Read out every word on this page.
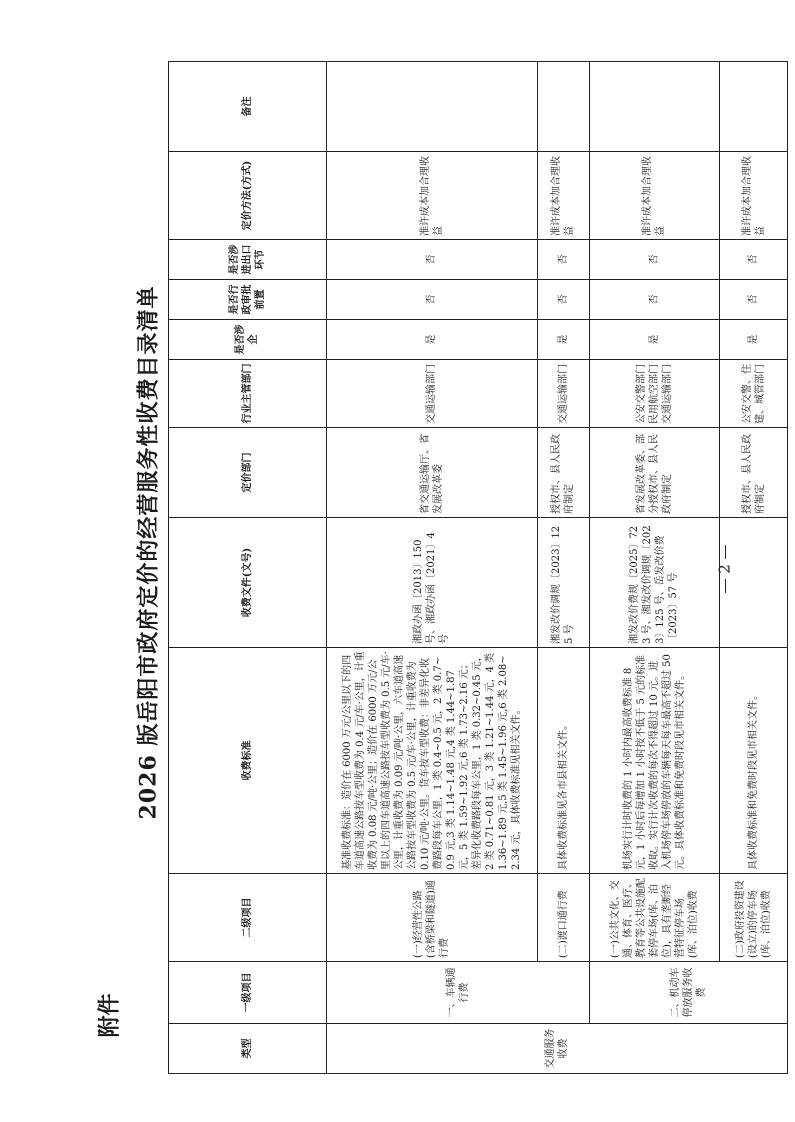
附件
2026 版岳阳市政府定价的经营服务性收费目录清单	— 2 —
类型	一级项目	二级项目	收费标准	收费文件(文号)	定价部门	行业主管部门	是否涉企	是否行政审批前置	是否涉进出口环节	定价方法(方式)	备注
交通服务收费	一、车辆通行费	(一)经营性公路(含桥梁和隧道)通行费	基准收费标准：造价在 6000 万元/公里以下的四车道高速公路按车型收费为 0.4 元/车·公里，计重收费为 0.08 元/吨·公里；造价在 6000 万元/公里以上的四车道高速公路按车型收费为 0.5 元/车·公里，计重收费为 0.09 元/吨·公里，六车道高速公路按车型收费为 0.5 元/车·公里，计重收费为 0.10 元/吨·公里。货车按车型收费：非差异化收费路段每车公里，1 类 0.4~0.5 元，2 类 0.7~0.9 元,3 类 1.14~1.48 元,4 类 1.44~1.87 元，5 类 1.59~1.92 元,6 类 1.73~2.16 元；差异化收费路段每车公里，1 类 0.32~0.45 元，2 类 0.71~0.81 元，3 类 1.21~1.44 元，4 类 1.36~1.89 元,5 类 1.45~1.96 元,6 类 2.08~2.34 元，具体收费标准见相关文件。	湘政办函〔2013〕150 号、湘政办函〔2021〕4 号	省交通运输厅、省发展改革委	交通运输部门	是	否	否	准许成本加合理收益	
		(二)渡口通行费	具体收费标准见各市县相关文件。	湘发改价调规〔2023〕125 号	授权市、县人民政府制定	交通运输部门	是	否	否	准许成本加合理收益	
	二、机动车停放服务收费	(一)公共文化、交通、体育、医疗、教育等公共设施配套停车场(库、泊位)，具有垄断经营特征停车场(库、泊位)收费	机场实行计时收费的 1 小时内最高收费标准 8 元，1 小时后每增加 1 小时按不低于 5 元的标准收取。实行计次收费的每次不得超过 10 元。进入机场停车场停放的车辆每天每车最高不超过 50 元。具体收费标准和免费时段见市相关文件。	湘发改价费规〔2025〕723 号、湘发改价调规〔2023〕125 号、岳发改价费〔2023〕57 号	省发展改革委、部分授权市、县人民政府制定	公安交警部门 民用航空部门 交通运输部门	是	否	否	准许成本加合理收益	
		(二)政府投资建设(设立)的停车场(库、泊位)收费	具体收费标准和免费时段见市相关文件。		授权市、县人民政府制定	公安交警、住建、城管部门	是	否	否	准许成本加合理收益	
